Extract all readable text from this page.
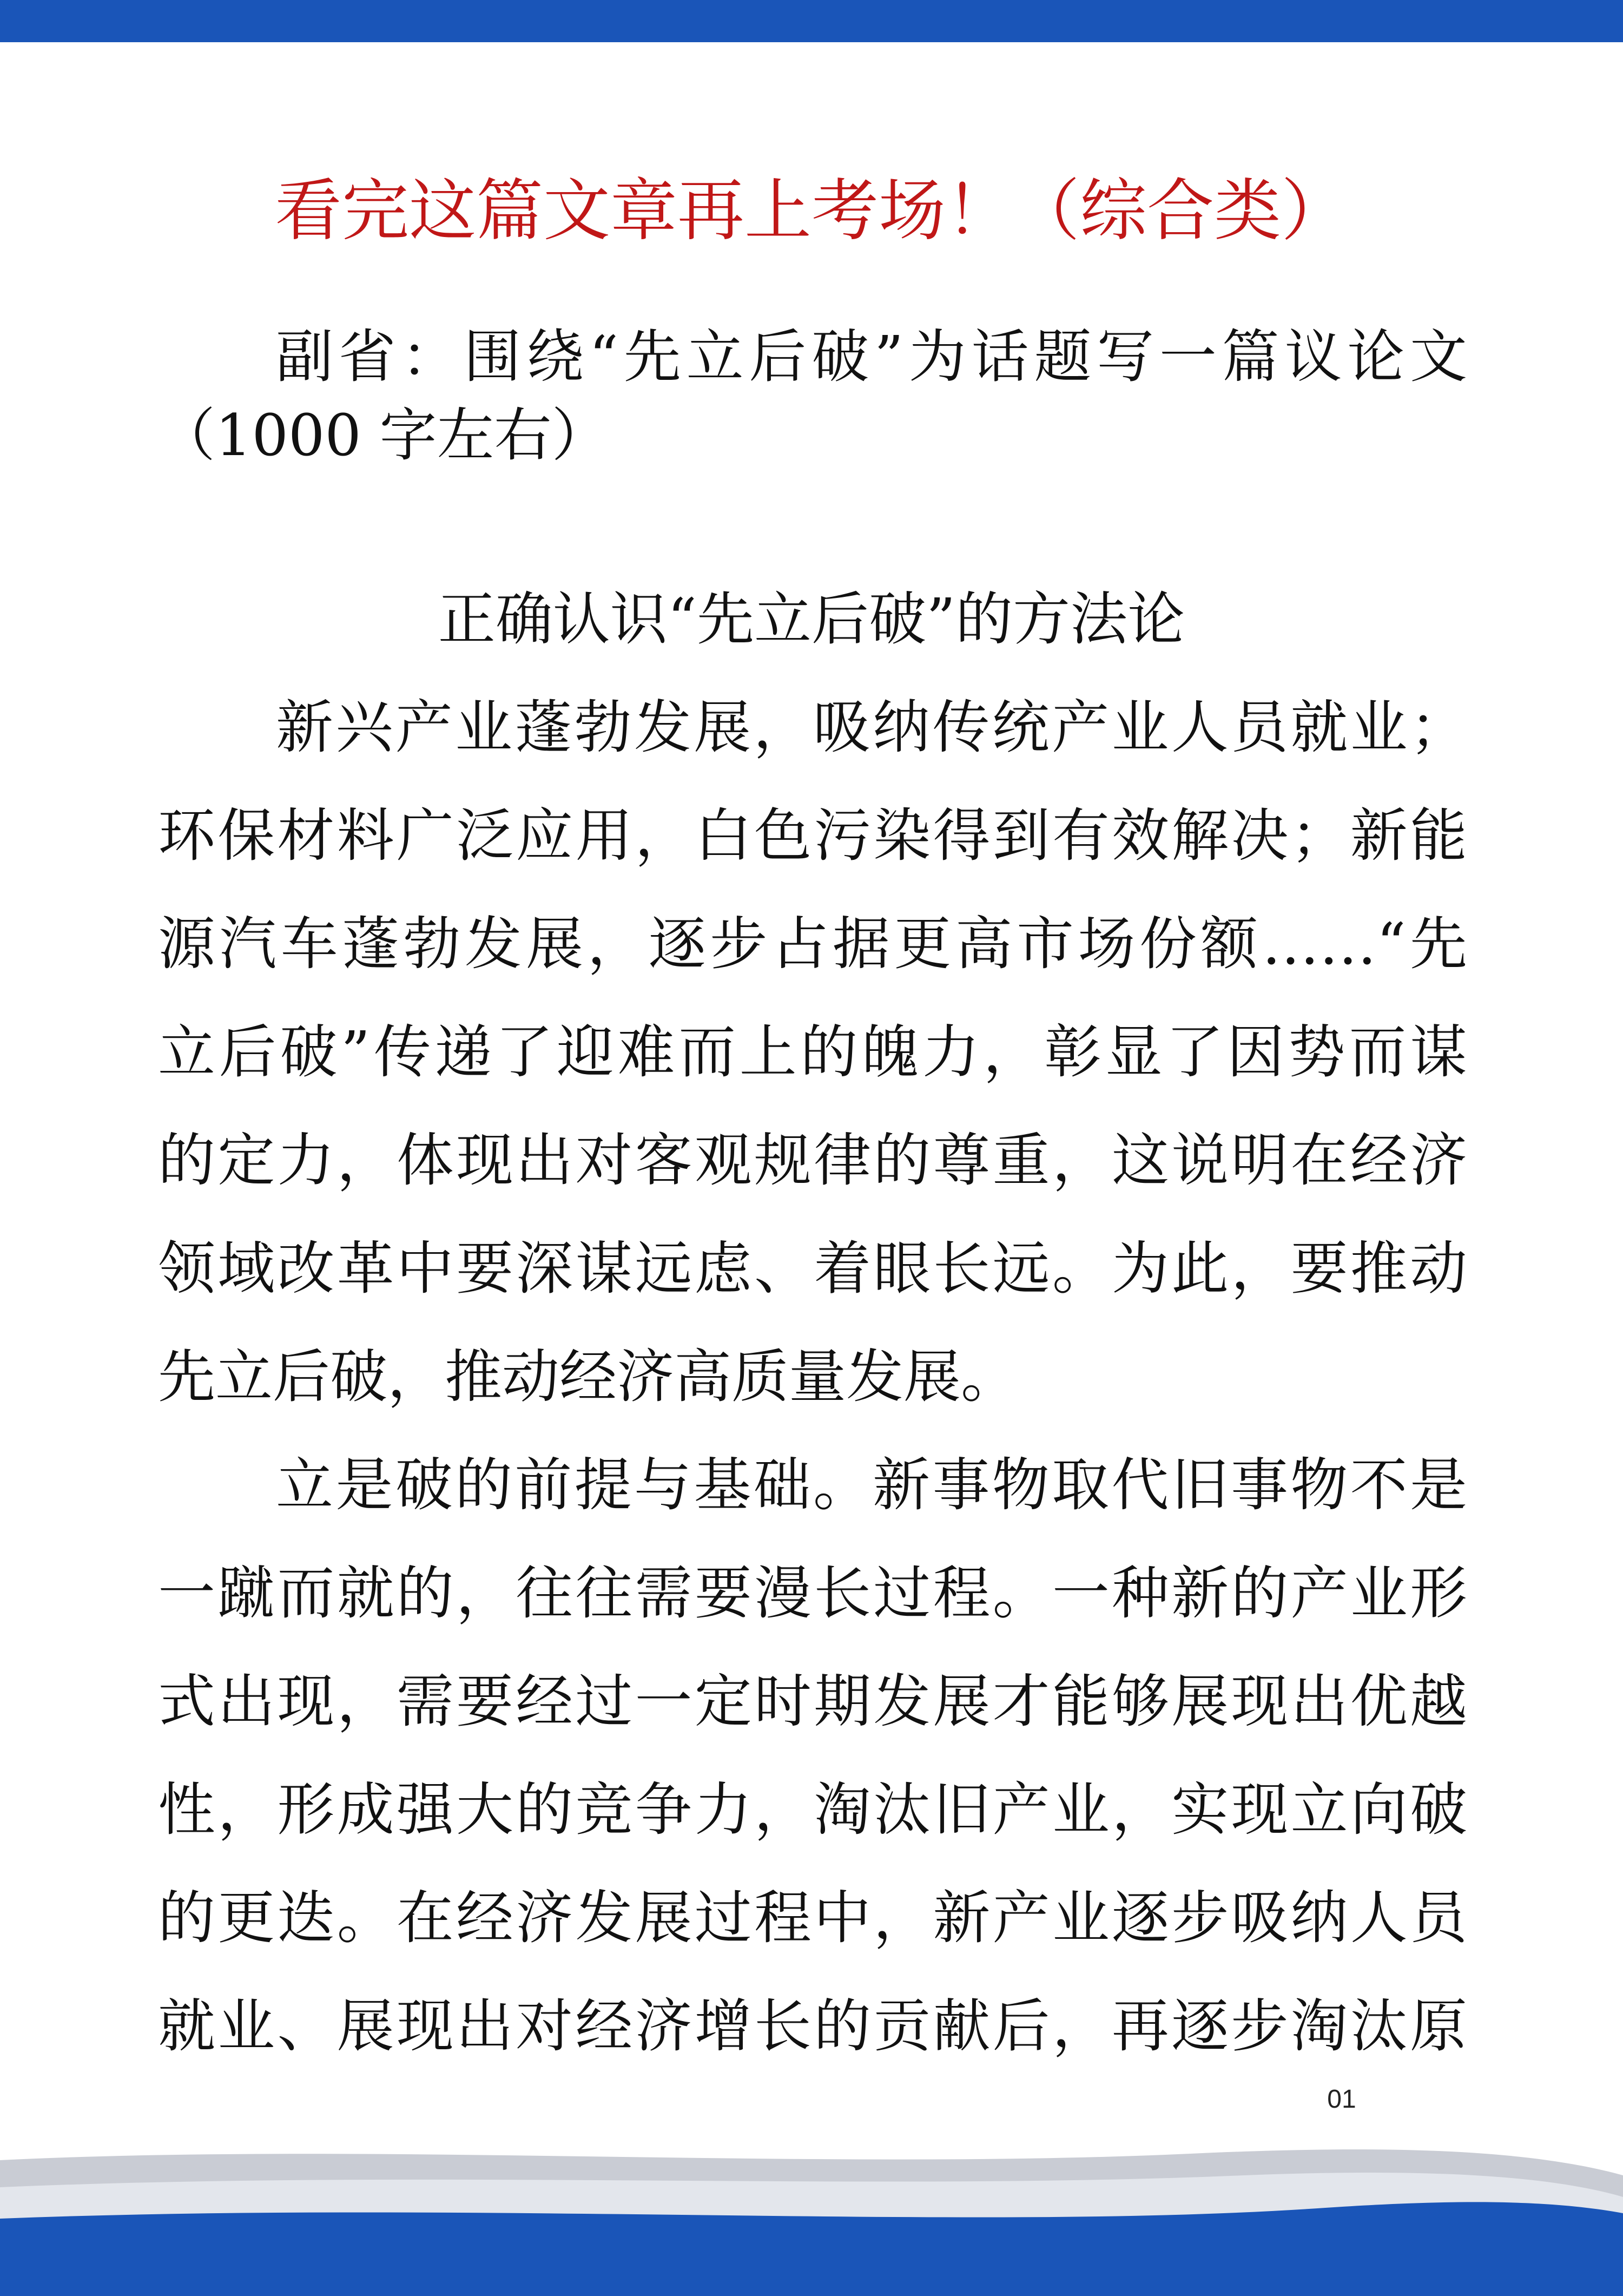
看完这篇文章再上考场！（综合类）
副省：围绕“先立后破”为话题写一篇议论文
（1000 字左右）
正确认识“先立后破”的方法论
新兴产业蓬勃发展，吸纳传统产业人员就业；
环保材料广泛应用，白色污染得到有效解决；新能
源汽车蓬勃发展，逐步占据更高市场份额……“先
立后破”传递了迎难而上的魄力，彰显了因势而谋
的定力，体现出对客观规律的尊重，这说明在经济
领域改革中要深谋远虑、着眼长远。为此，要推动
先立后破，推动经济高质量发展。
立是破的前提与基础。新事物取代旧事物不是
一蹴而就的，往往需要漫长过程。一种新的产业形
式出现，需要经过一定时期发展才能够展现出优越
性，形成强大的竞争力，淘汰旧产业，实现立向破
的更迭。在经济发展过程中，新产业逐步吸纳人员
就业、展现出对经济增长的贡献后，再逐步淘汰原
01
